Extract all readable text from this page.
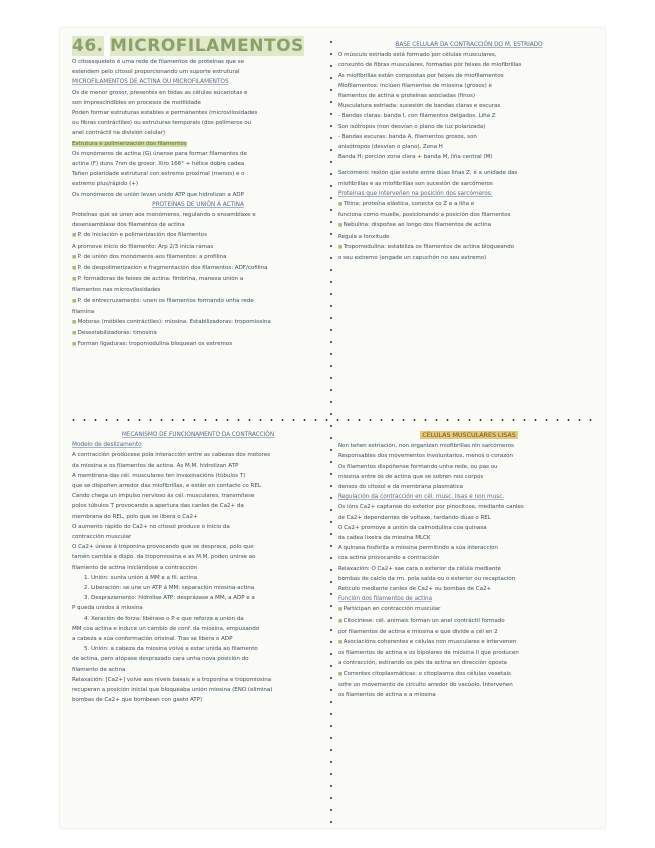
46. MICROFILAMENTOS

O citoesqueleto é uma rede de filamentos de proteínas que se

estendem pelo citosol proporcionando um suporte estrutural

MICROFILAMENTOS DE ACTINA OU MICROFILAMENTOS

Os de menor grosor, presentes en todas as células eucariotas e

son imprescindibles en procesos de motilidade

Poden formar estruturas estables e permanentes (microvilosidades

ou fibras contráctiles) ou estruturas temporais (dos polímeros ou

anel contráctil na división celular)

Estrutura e polimerización dos filamentos

Os monómeros de actina (G) únense para formar filamentos de

actina (F) duns 7nm de grosor. Xiro 166° + hélice dobre cadea

Teñen polaridade estrutural con extremo proximal (menos) e o

extremo plus/rápido (+)

Os monómeros de unión levan unido ATP que hidrolizan a ADP

PROTEÍNAS DE UNIÓN Á ACTINA

Proteínas que se unen aos monómeros, regulando o ensamblaxe e

desensamblaxe dos filamentos de actina

■ P. de iniciación e polimerización dos filamentos

A promove inicio do filamento: Arp 2/3 inicia ramas

■ P. de unión dos monómeros aos filamentos: a profilina

■ P. de despolimerización e fragmentación dos filamentos: ADF/cofilina

■ P. formadoras de feixes de actina: fimbrina, manexa unión a

filamentos nas microvilosidades

■ P. de entrecruzamento: unen os filamentos formando unha rede

filamina

■ Motoras (móbiles contráctiles): miosina. Estabilizadoras: tropomiosina

■ Desestabilizadoras: timosina

■ Forman ligaduras: tropomodulina bloquean os extremos

BASE CELULAR DA CONTRACCIÓN DO M. ESTRIADO

O músculo estriado está formado por células musculares,

conxunto de fibras musculares, formadas por feixes de miofibrillas

As miofibrillas están compostas por feixes de miofilamentos

Miofilamentos: inclúen filamentos de miosina (grosos) e

filamentos de actina e proteínas asociadas (finos)

Musculatura estriada: sucesión de bandas claras e escuras

- Bandas claras: banda I, con filamentos delgados. Liña Z

Son isótropos (non desvían o plano de luz polarizada)

- Bandas escuras: banda A, filamentos grosos, son

anisótropos (desvían o plano). Zona H

Banda H: porción zona clara + banda M, liña central (M)

Sarcómero: rexión que existe entre dúas liñas Z; é a unidade das

miofibrillas e as miofibrillas son sucesión de sarcómeros

Proteínas que interveñen na posición dos sarcómeros:

■ Titina: proteína elástica, conecta co Z e a liña e

funciona como muelle, posicionando a posición dos filamentos

■ Nebulina: dispoñse ao longo dos filamentos de actina

Regula a lonxitude

■ Tropomodulina: estabiliza os filamentos de actina bloqueando

o seu extremo (engade un capuchón no seu extremo)

MECANISMO DE FUNCIONAMENTO DA CONTRACCIÓN

Modelo de deslizamento

A contracción prodúcese pola interacción entre as cabezas dos motores

da miosina e os filamentos de actina. As M.M. hidrolizan ATP

A membrana das cél. musculares ten invaxinacións (túbulos T)

que se dispoñen arredor das miofibrillas, e están en contacto co REL

Cando chega un impulso nervioso ás cél. musculares, transmítese

polos túbulos T provocando a apertura das canles de Ca2+ da

membrana do REL, polo que se libera o Ca2+

O aumento rápido do Ca2+ no citosol produce o inicio da

contracción muscular

O Ca2+ únese á troponina provocando que se desprace, polo que

tamén cambia a dispo. da tropomiosina e as M.M. poden unirse ao

filamento de actina iniciándose a contracción

1. Unión: xunta unión á MM e a fil. actina

2. Liberación: se une un ATP á MM: separación miosina-actina

3. Desprazamento: hidrolise ATP: desprázase a MM, a ADP e a

P queda unidos á miosina

4. Xeración de forza: libérase o P e que reforza a unión da

MM coa actina e induce un cambio de conf. da miosina, empuxando

a cabeza a súa conformación orixinal. Tras se libera o ADP

5. Unión: a cabeza da miosina volve a estar unida ao filamento

de actina, pero atópase desprazado cara unha nova posición do

filamento de actina

Relaxación: [Ca2+] volve aos niveis basais e a troponina e tropomiosina

recuperan a posición inicial que bloqueaba unión miosina (ENO (elimina)

bombas de Ca2+ que bombean con gasto ATP)

CÉLULAS MUSCULARES LISAS

Non teñen estriación, non organizan miofibrillas nin sarcómeros

Responsables dos movementos involuntarios, menos o corazón

Os filamentos dispóñense formando unha rede, ou pas ou

miosina entre os de actina que se sobren nos corpos

densos do citosol e da membrana plasmática

Regulación da contracción en cél. musc. lisas e non musc.

Os ións Ca2+ captanse do exterior por pinocitose, mediante canles

de Ca2+ dependentes de voltaxe, tardando dúas o REL

O Ca2+ promove a unión da calmodulina coa quinasa

da cadea lixeira da miosina MLCK

A quinasa fosforila a miosina permitindo a súa interacción

coa actina provocando a contracción

Relaxación: O Ca2+ sae cara o exterior da célula mediante

bombas de calcio da rm. pola saída ou o exterior ou recaptación

Retículo mediante canles de Ca2+ ou bombas de Ca2+

Función dos filamentos de actina

■ Participan en contracción muscular

■ Citocinese: cél. animais forman un anel contráctil formado

por filamentos de actina e miosina e que divide a cél en 2

■ Asociacións coherentes e células non musculares e intervenen

os filamentos de actina e os bipolares de miosina II que producen

a contracción, estirando os pés da actina en dirección oposta

■ Correntes citoplasmáticas: o citoplasma dos células vexetais

sofre un movemento de circuíto arredor do vacúolo. Interveñen

os filamentos de actina e a miosina
